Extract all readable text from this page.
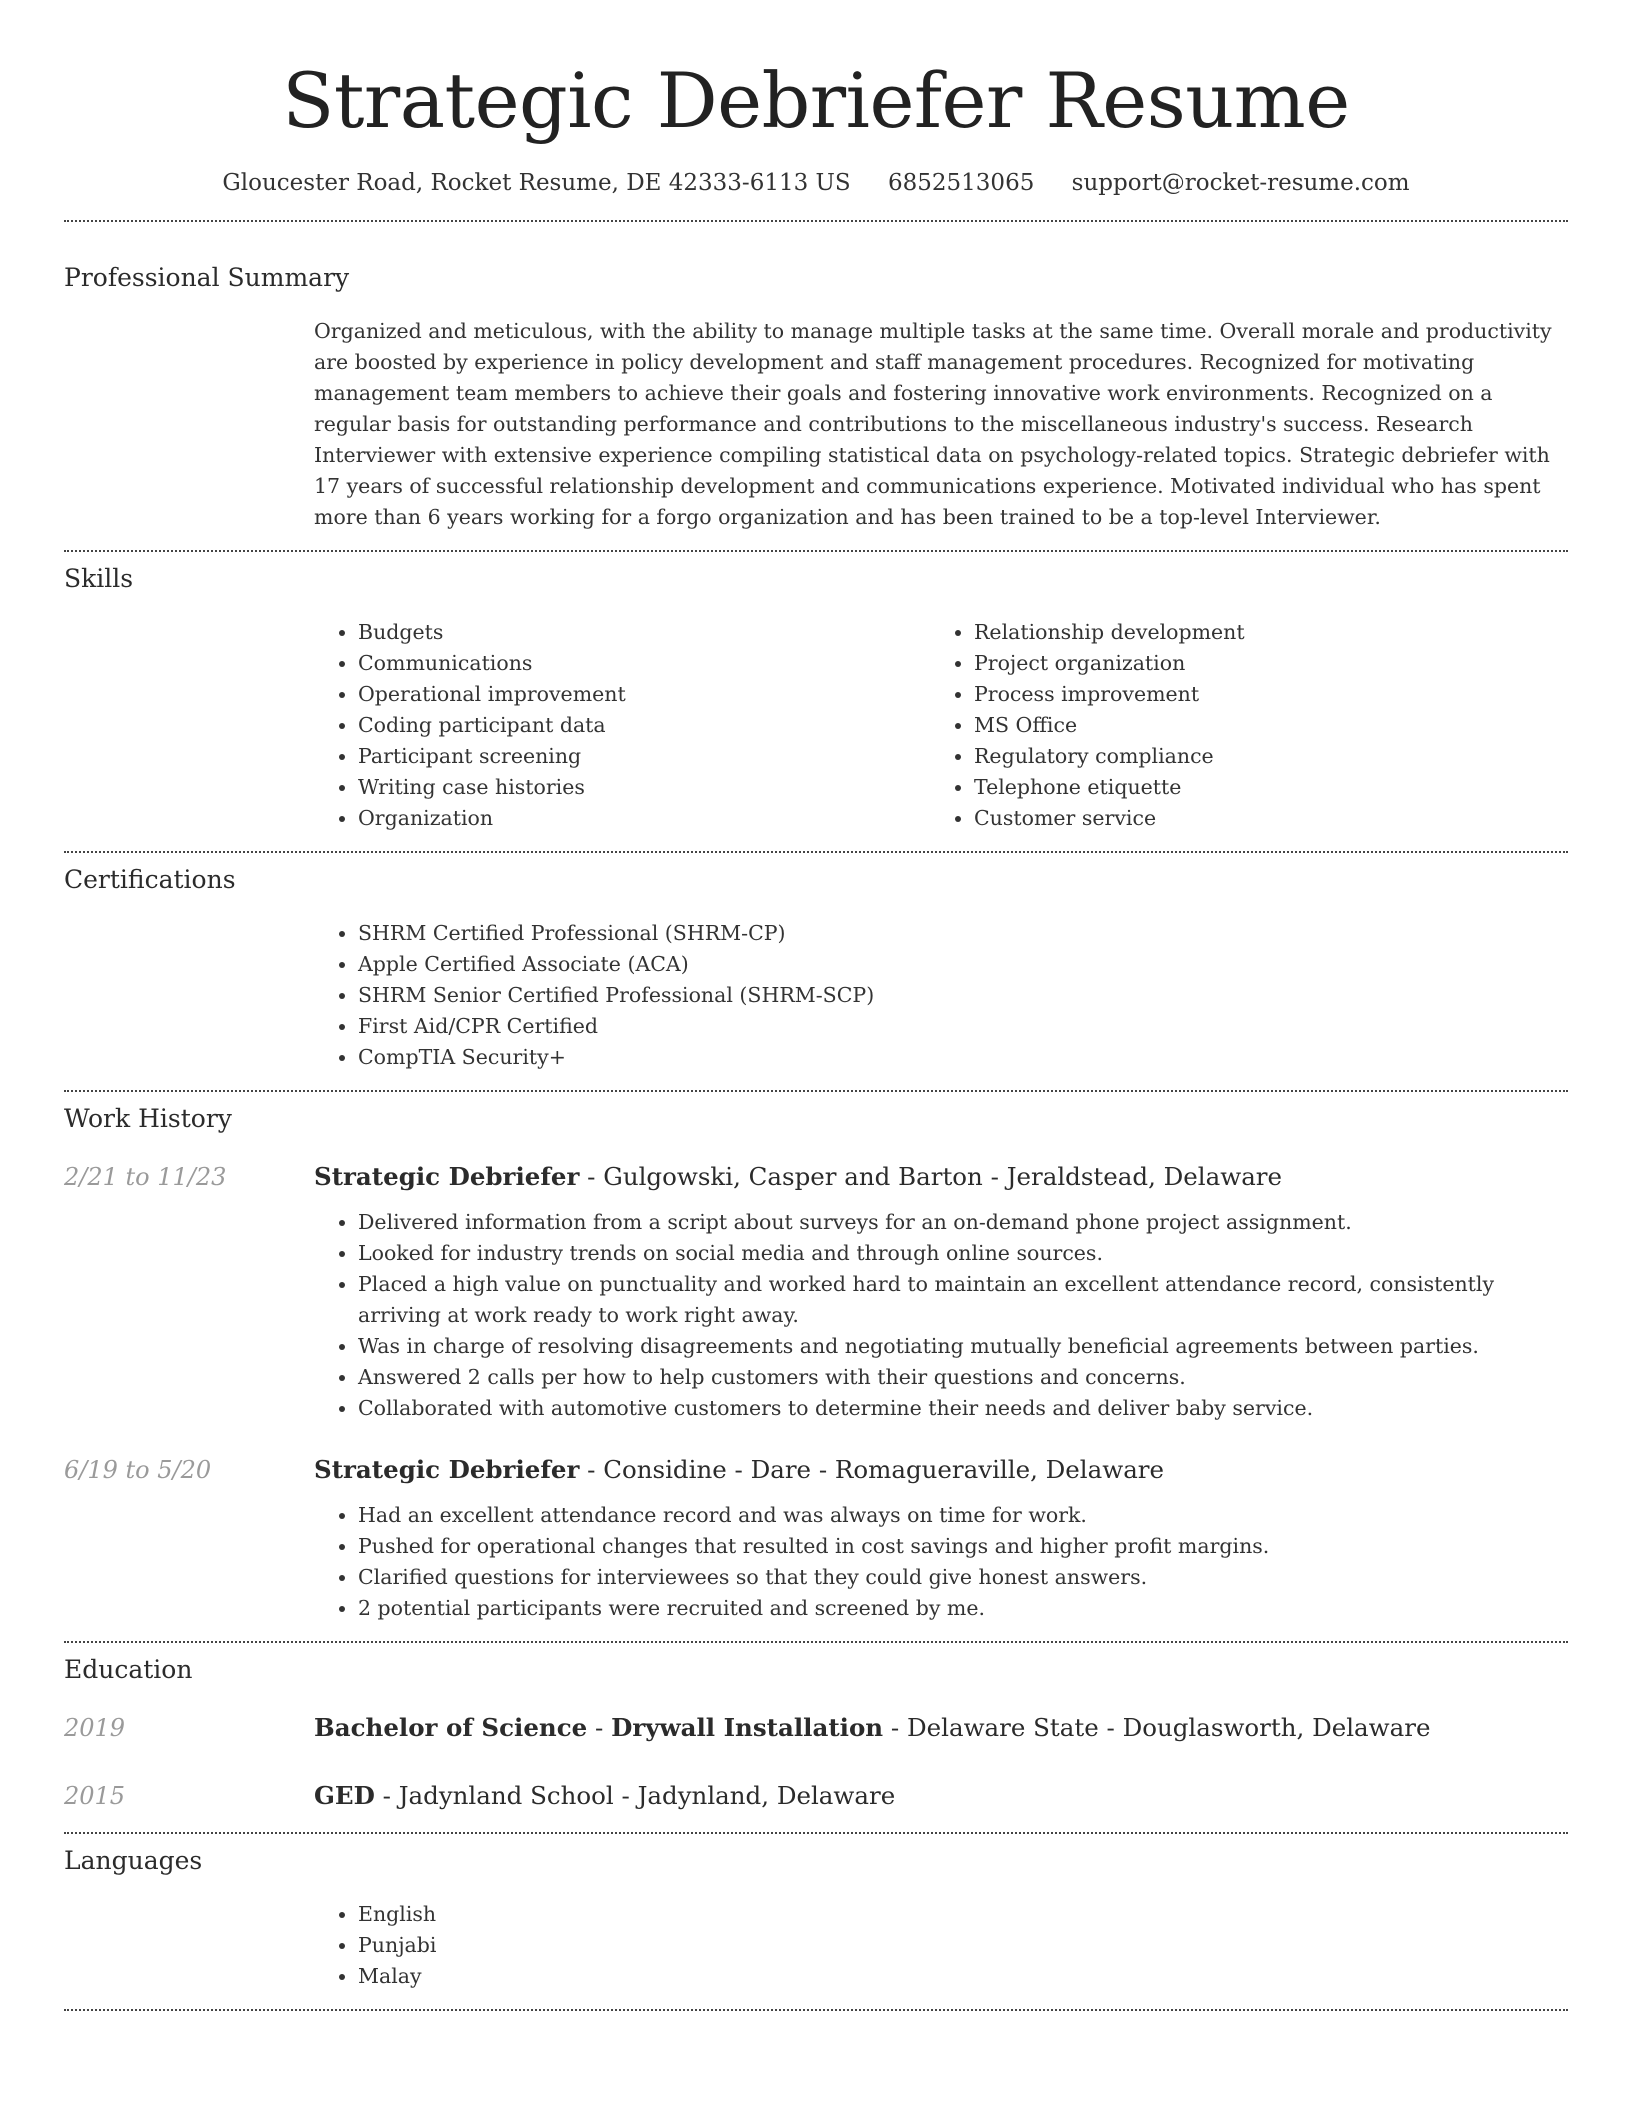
Strategic Debriefer Resume
Gloucester Road, Rocket Resume, DE 42333-6113 US 6852513065 support@rocket-resume.com
Professional Summary

Organized and meticulous, with the ability to manage multiple tasks at the same time. Overall morale and productivity are boosted by experience in policy development and staff management procedures. Recognized for motivating management team members to achieve their goals and fostering innovative work environments. Recognized on a regular basis for outstanding performance and contributions to the miscellaneous industry's success. Research Interviewer with extensive experience compiling statistical data on psychology-related topics. Strategic debriefer with 17 years of successful relationship development and communications experience. Motivated individual who has spent more than 6 years working for a forgo organization and has been trained to be a top-level Interviewer.

Skills
• Budgets
• Communications
• Operational improvement
• Coding participant data
• Participant screening
• Writing case histories
• Organization
• Relationship development
• Project organization
• Process improvement
• MS Office
• Regulatory compliance
• Telephone etiquette
• Customer service
Certifications
• SHRM Certified Professional (SHRM-CP)
• Apple Certified Associate (ACA)
• SHRM Senior Certified Professional (SHRM-SCP)
• First Aid/CPR Certified
• CompTIA Security+
Work History
2/21 to 11/23	Strategic Debriefer - Gulgowski, Casper and Barton - Jeraldstead, Delaware
• Delivered information from a script about surveys for an on-demand phone project assignment.
• Looked for industry trends on social media and through online sources.
• Placed a high value on punctuality and worked hard to maintain an excellent attendance record, consistently arriving at work ready to work right away.
• Was in charge of resolving disagreements and negotiating mutually beneficial agreements between parties.
• Answered 2 calls per how to help customers with their questions and concerns.
• Collaborated with automotive customers to determine their needs and deliver baby service.
6/19 to 5/20	Strategic Debriefer - Considine - Dare - Romagueraville, Delaware
• Had an excellent attendance record and was always on time for work.
• Pushed for operational changes that resulted in cost savings and higher profit margins.
• Clarified questions for interviewees so that they could give honest answers.
• 2 potential participants were recruited and screened by me.
Education
2019	Bachelor of Science - Drywall Installation - Delaware State - Douglasworth, Delaware
2015	GED - Jadynland School - Jadynland, Delaware
Languages
• English
• Punjabi
• Malay
